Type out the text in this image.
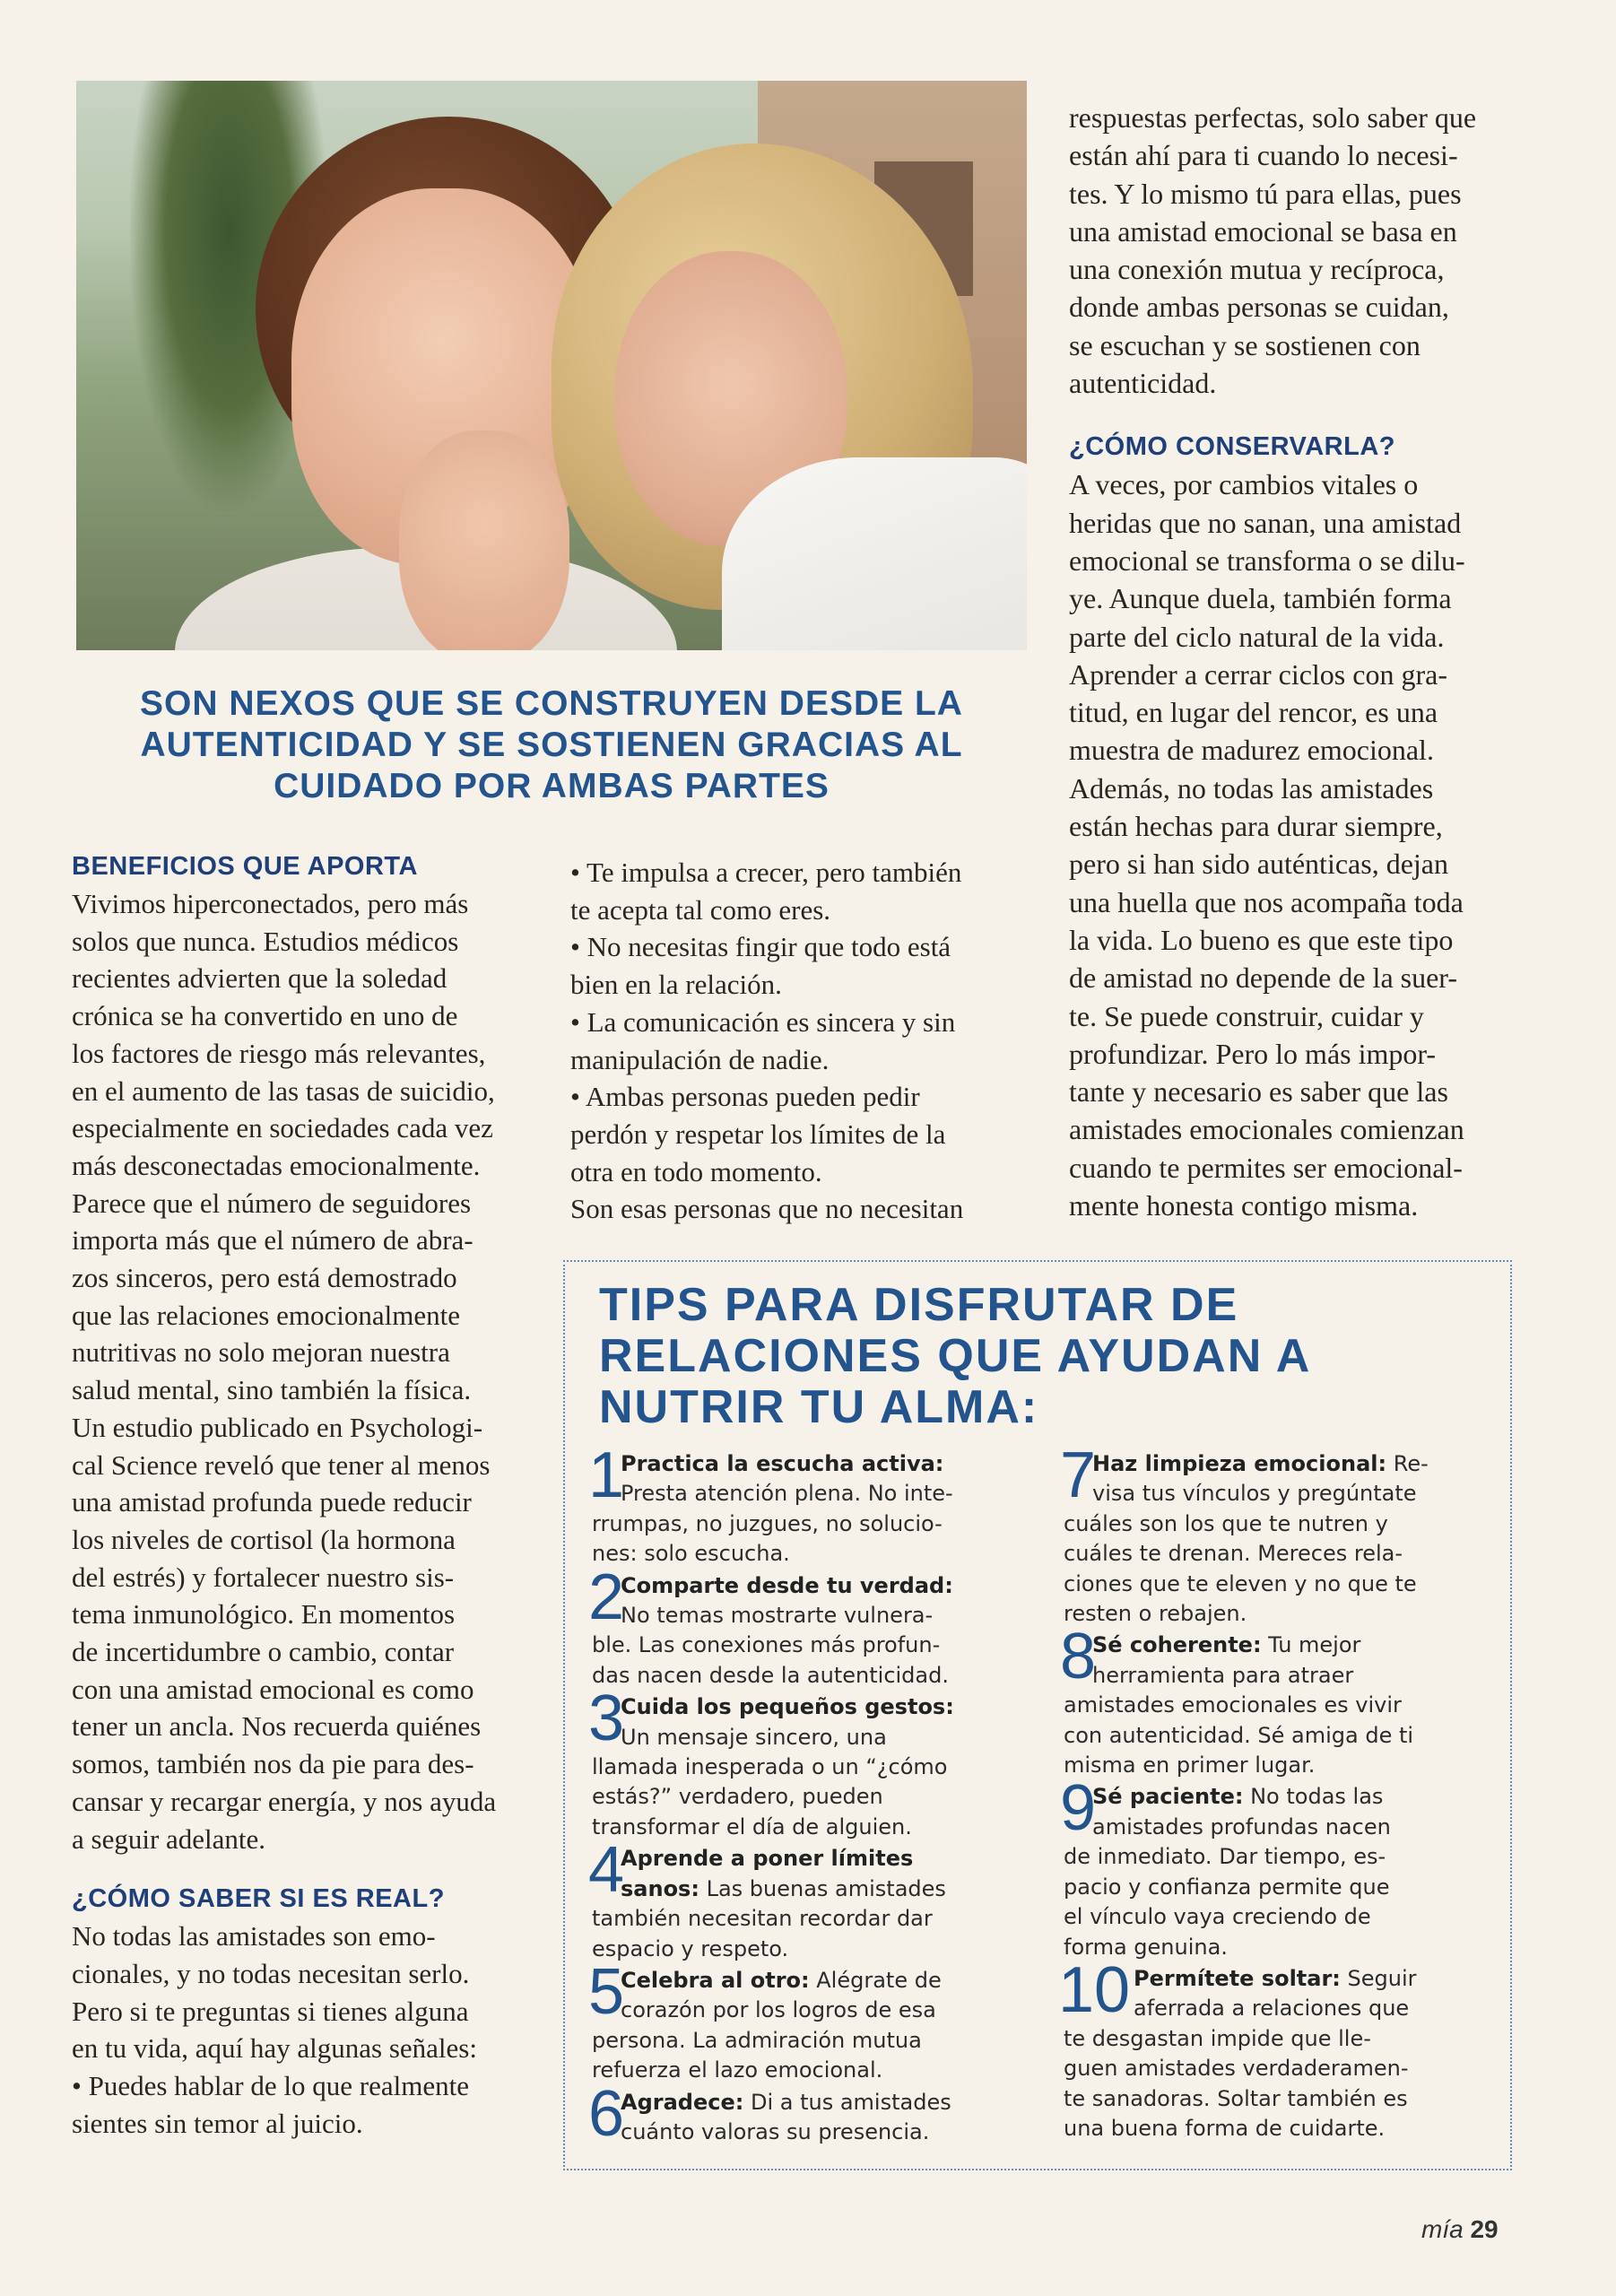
SON NEXOS QUE SE CONSTRUYEN DESDE LA
AUTENTICIDAD Y SE SOSTIENEN GRACIAS AL
CUIDADO POR AMBAS PARTES
BENEFICIOS QUE APORTA

Vivimos hiperconectados, pero más

solos que nunca. Estudios médicos

recientes advierten que la soledad

crónica se ha convertido en uno de

los factores de riesgo más relevantes,

en el aumento de las tasas de suicidio,

especialmente en sociedades cada vez

más desconectadas emocionalmente.

Parece que el número de seguidores

importa más que el número de abra-

zos sinceros, pero está demostrado

que las relaciones emocionalmente

nutritivas no solo mejoran nuestra

salud mental, sino también la física.

Un estudio publicado en Psychologi-

cal Science reveló que tener al menos

una amistad profunda puede reducir

los niveles de cortisol (la hormona

del estrés) y fortalecer nuestro sis-

tema inmunológico. En momentos

de incertidumbre o cambio, contar

con una amistad emocional es como

tener un ancla. Nos recuerda quiénes

somos, también nos da pie para des-

cansar y recargar energía, y nos ayuda

a seguir adelante.

¿CÓMO SABER SI ES REAL?

No todas las amistades son emo-

cionales, y no todas necesitan serlo.

Pero si te preguntas si tienes alguna

en tu vida, aquí hay algunas señales:

• Puedes hablar de lo que realmente

sientes sin temor al juicio.

• Te impulsa a crecer, pero también

te acepta tal como eres.

• No necesitas fingir que todo está

bien en la relación.

• La comunicación es sincera y sin

manipulación de nadie.

• Ambas personas pueden pedir

perdón y respetar los límites de la

otra en todo momento.

Son esas personas que no necesitan

respuestas perfectas, solo saber que

están ahí para ti cuando lo necesi-

tes. Y lo mismo tú para ellas, pues

una amistad emocional se basa en

una conexión mutua y recíproca,

donde ambas personas se cuidan,

se escuchan y se sostienen con

autenticidad.

¿CÓMO CONSERVARLA?

A veces, por cambios vitales o

heridas que no sanan, una amistad

emocional se transforma o se dilu-

ye. Aunque duela, también forma

parte del ciclo natural de la vida.

Aprender a cerrar ciclos con gra-

titud, en lugar del rencor, es una

muestra de madurez emocional.

Además, no todas las amistades

están hechas para durar siempre,

pero si han sido auténticas, dejan

una huella que nos acompaña toda

la vida. Lo bueno es que este tipo

de amistad no depende de la suer-

te. Se puede construir, cuidar y

profundizar. Pero lo más impor-

tante y necesario es saber que las

amistades emocionales comienzan

cuando te permites ser emocional-

mente honesta contigo misma.

TIPS PARA DISFRUTAR DE
RELACIONES QUE AYUDAN A
NUTRIR TU ALMA:
1
Practica la escucha activa:
Presta atención plena. No inte-
rrumpas, no juzgues, no solucio-
nes: solo escucha.
2
Comparte desde tu verdad:
No temas mostrarte vulnera-
ble. Las conexiones más profun-
das nacen desde la autenticidad.
3
Cuida los pequeños gestos:
Un mensaje sincero, una
llamada inesperada o un “¿cómo
estás?” verdadero, pueden
transformar el día de alguien.
4
Aprende a poner límites
sanos: Las buenas amistades
también necesitan recordar dar
espacio y respeto.
5
Celebra al otro: Alégrate de
corazón por los logros de esa
persona. La admiración mutua
refuerza el lazo emocional.
6
Agradece: Di a tus amistades
cuánto valoras su presencia.
7
Haz limpieza emocional: Re-
visa tus vínculos y pregúntate
cuáles son los que te nutren y
cuáles te drenan. Mereces rela-
ciones que te eleven y no que te
resten o rebajen.
8
Sé coherente: Tu mejor
herramienta para atraer
amistades emocionales es vivir
con autenticidad. Sé amiga de ti
misma en primer lugar.
9
Sé paciente: No todas las
amistades profundas nacen
de inmediato. Dar tiempo, es-
pacio y confianza permite que
el vínculo vaya creciendo de
forma genuina.
10 Permítete soltar: Seguir
aferrada a relaciones que
te desgastan impide que lle-
guen amistades verdaderamen-
te sanadoras. Soltar también es
una buena forma de cuidarte.
mía 29
